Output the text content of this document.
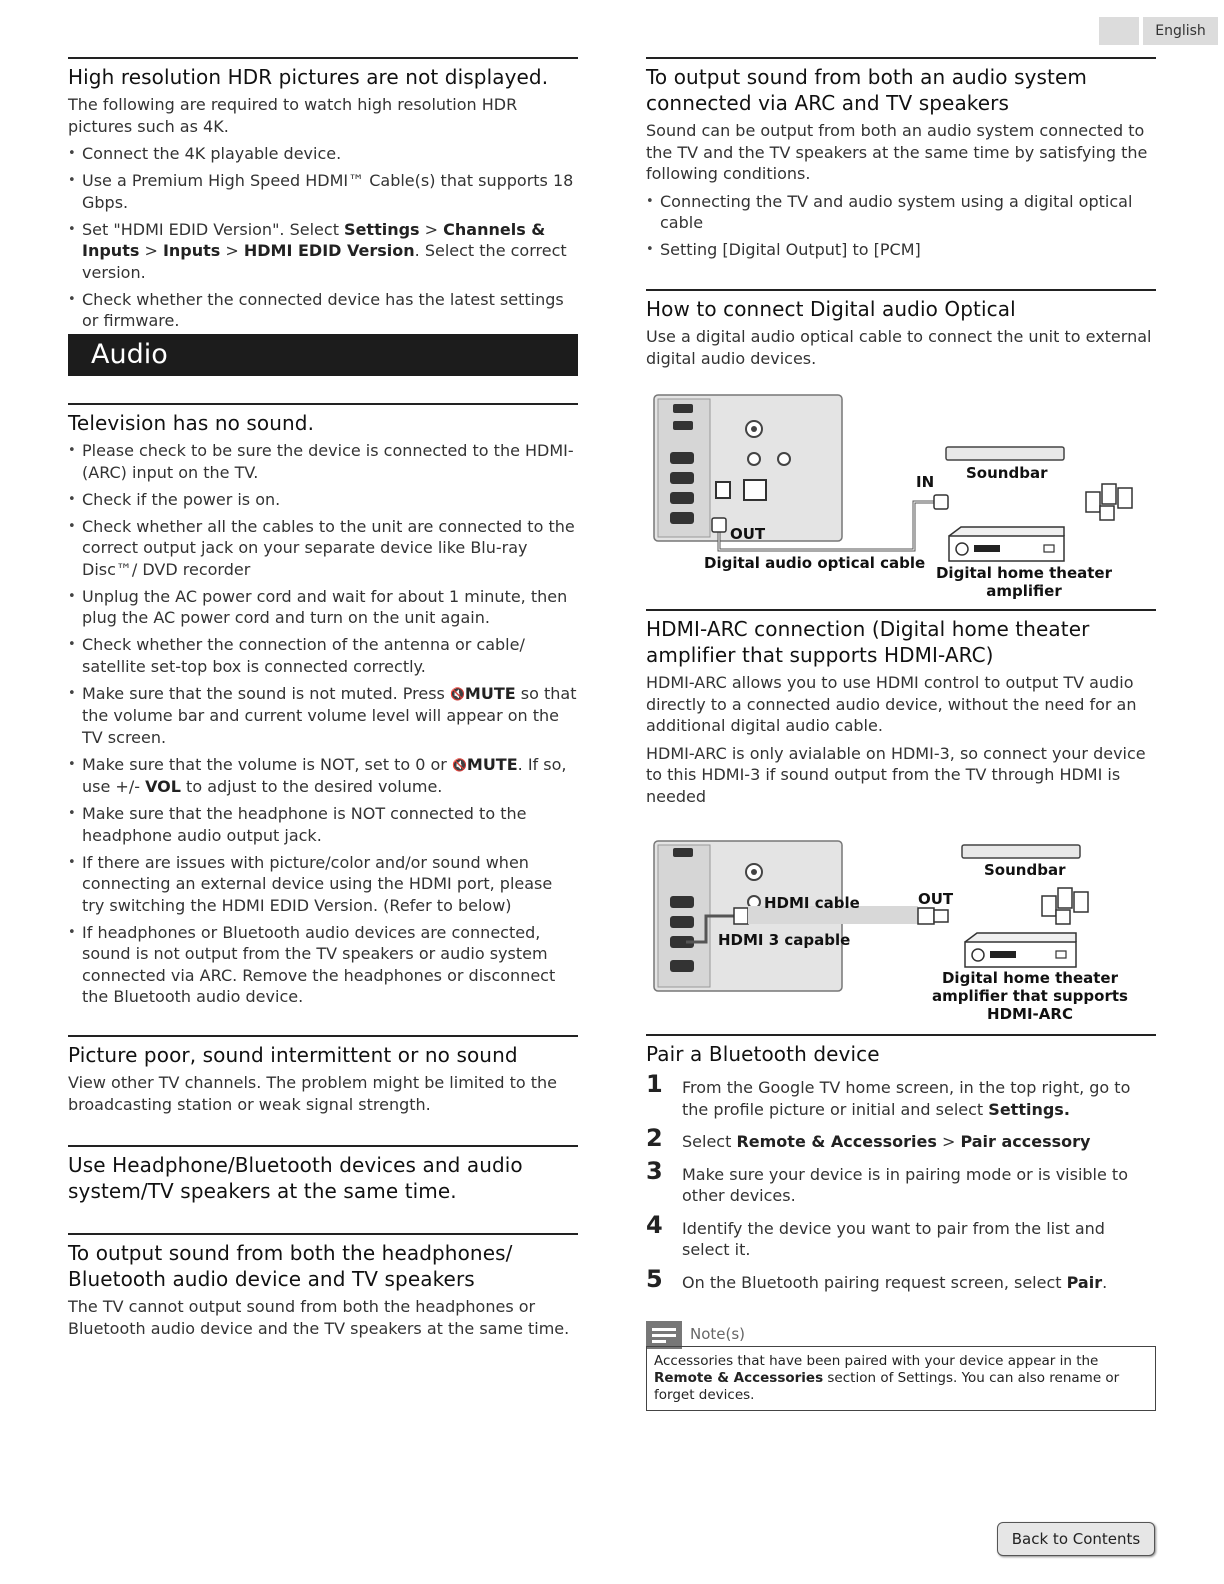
English
High resolution HDR pictures are not displayed.

The following are required to watch high resolution HDR pictures such as 4K.

• Connect the 4K playable device.
• Use a Premium High Speed HDMI™ Cable(s) that supports 18 Gbps.
• Set "HDMI EDID Version". Select Settings > Channels & Inputs > Inputs > HDMI EDID Version. Select the correct version.
• Check whether the connected device has the latest settings or firmware.
Audio
Television has no sound.
• Please check to be sure the device is connected to the HDMI-(ARC) input on the TV.
• Check if the power is on.
• Check whether all the cables to the unit are connected to the correct output jack on your separate device like Blu-ray Disc™/ DVD recorder
• Unplug the AC power cord and wait for about 1 minute, then plug the AC power cord and turn on the unit again.
• Check whether the connection of the antenna or cable/ satellite set-top box is connected correctly.
• Make sure that the sound is not muted. Press 🔇MUTE so that the volume bar and current volume level will appear on the TV screen.
• Make sure that the volume is NOT, set to 0 or 🔇MUTE. If so, use +/- VOL to adjust to the desired volume.
• Make sure that the headphone is NOT connected to the headphone audio output jack.
• If there are issues with picture/color and/or sound when connecting an external device using the HDMI port, please try switching the HDMI EDID Version. (Refer to below)
• If headphones or Bluetooth audio devices are connected, sound is not output from the TV speakers or audio system connected via ARC. Remove the headphones or disconnect the Bluetooth audio device.
Picture poor, sound intermittent or no sound

View other TV channels. The problem might be limited to the broadcasting station or weak signal strength.

Use Headphone/Bluetooth devices and audio system/TV speakers at the same time.
To output sound from both the headphones/ Bluetooth audio device and TV speakers

The TV cannot output sound from both the headphones or Bluetooth audio device and the TV speakers at the same time.

To output sound from both an audio system connected via ARC and TV speakers

Sound can be output from both an audio system connected to the TV and the TV speakers at the same time by satisfying the following conditions.

• Connecting the TV and audio system using a digital optical cable
• Setting [Digital Output] to [PCM]
How to connect Digital audio Optical

Use a digital audio optical cable to connect the unit to external digital audio devices.

OUT
IN Soundbar
Digital audio optical cable
Digital home theater
amplifier
HDMI-ARC connection (Digital home theater amplifier that supports HDMI-ARC)

HDMI-ARC allows you to use HDMI control to output TV audio directly to a connected audio device, without the need for an additional digital audio cable.

HDMI-ARC is only avialable on HDMI-3, so connect your device to this HDMI-3 if sound output from the TV through HDMI is needed

HDMI cable
HDMI 3 capable
OUT
Soundbar
Digital home theater
amplifier that supports
HDMI-ARC
Pair a Bluetooth device
1 From the Google TV home screen, in the top right, go to the profile picture or initial and select Settings.
2 Select Remote & Accessories > Pair accessory
3 Make sure your device is in pairing mode or is visible to other devices.
4 Identify the device you want to pair from the list and select it.
5 On the Bluetooth pairing request screen, select Pair.
Note(s)
Accessories that have been paired with your device appear in the Remote & Accessories section of Settings. You can also rename or forget devices.
Back to Contents
